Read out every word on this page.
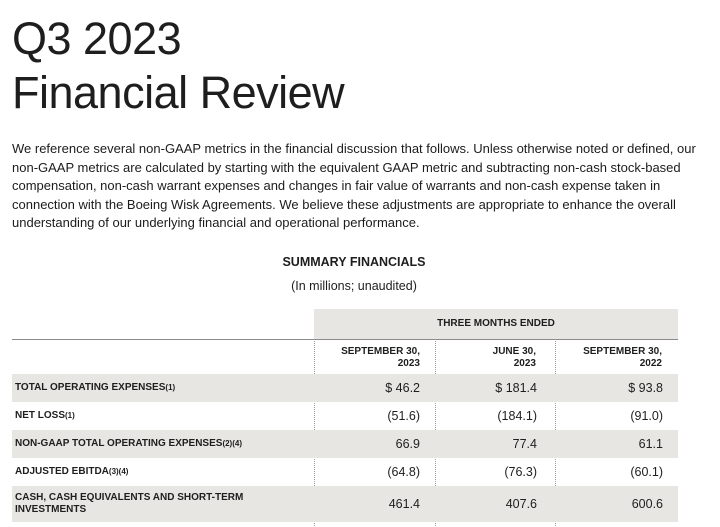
Q3 2023
Financial Review

We reference several non-GAAP metrics in the financial discussion that follows. Unless otherwise noted or defined, our non-GAAP metrics are calculated by starting with the equivalent GAAP metric and subtracting non-cash stock-based compensation, non-cash warrant expenses and changes in fair value of warrants and non-cash expense taken in connection with the Boeing Wisk Agreements. We believe these adjustments are appropriate to enhance the overall understanding of our underlying financial and operational performance.

SUMMARY FINANCIALS
(In millions; unaudited)
THREE MONTHS ENDED
SEPTEMBER 30,
2023
JUNE 30,
2023
SEPTEMBER 30,
2022
TOTAL OPERATING EXPENSES (1)	$ 46.2	$ 181.4	$ 93.8
NET LOSS (1)	(51.6)	(184.1)	(91.0)
NON-GAAP TOTAL OPERATING EXPENSES (2)(4)	66.9	77.4	61.1
ADJUSTED EBITDA (3)(4)	(64.8)	(76.3)	(60.1)
CASH, CASH EQUIVALENTS AND SHORT-TERM INVESTMENTS	461.4	407.6	600.6
